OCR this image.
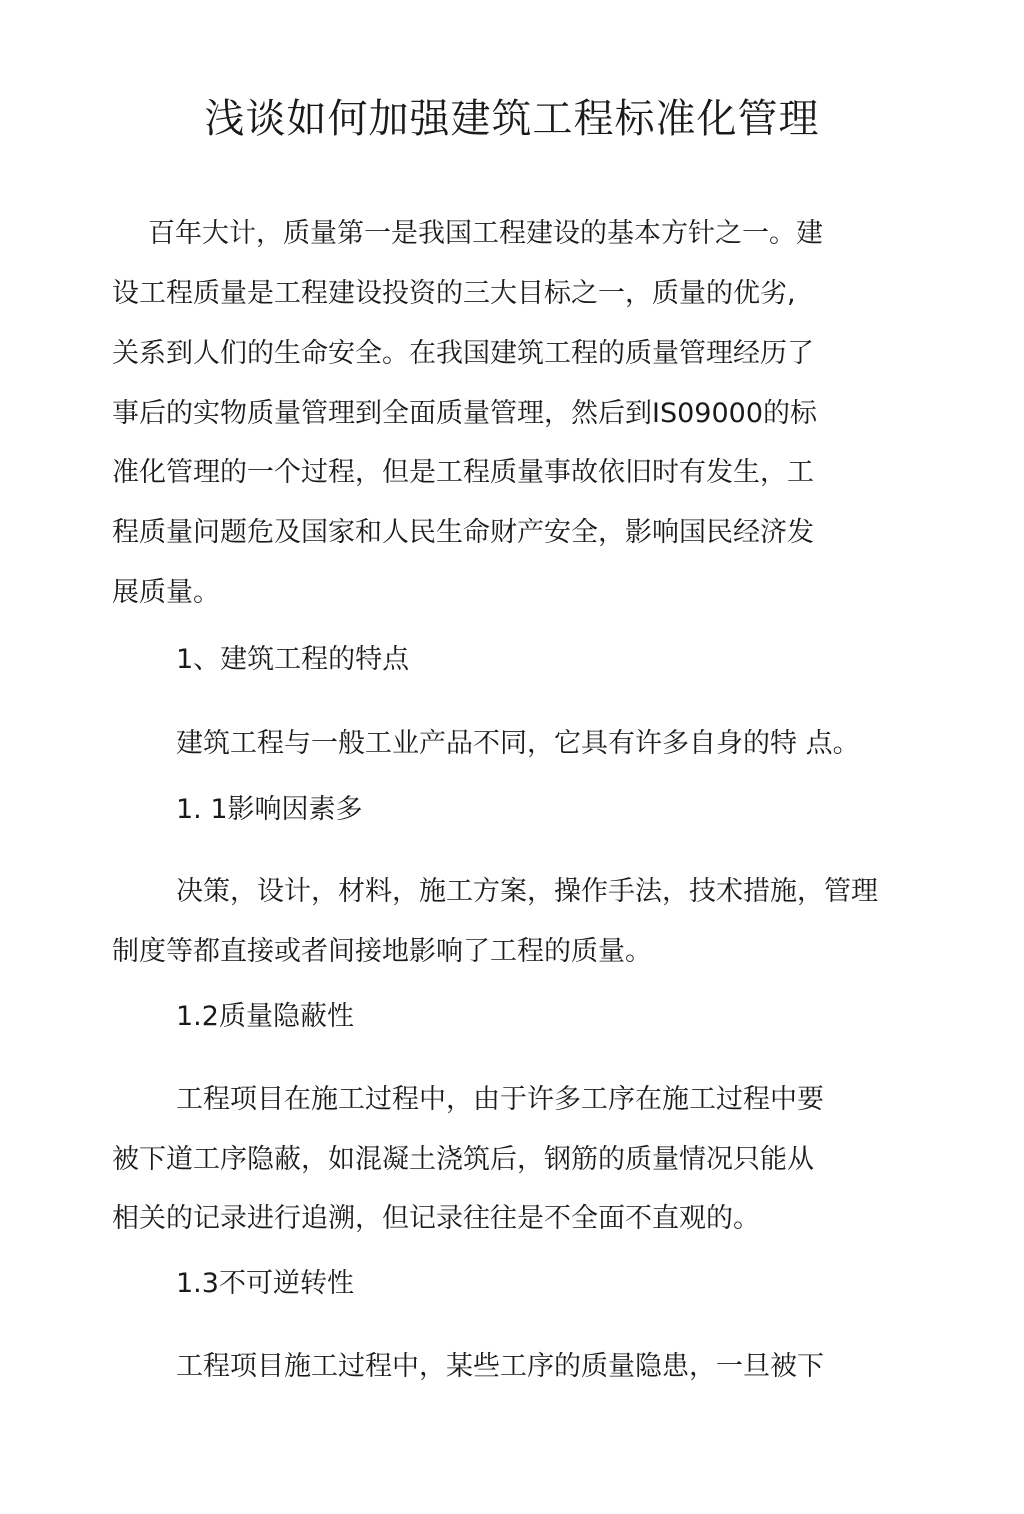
浅谈如何加强建筑工程标准化管理
百年大计，质量第一是我国工程建设的基本方针之一。建
设工程质量是工程建设投资的三大目标之一，质量的优劣,
关系到人们的生命安全。在我国建筑工程的质量管理经历了
事后的实物质量管理到全面质量管理，然后到IS09000的标
准化管理的一个过程，但是工程质量事故依旧时有发生，工
程质量问题危及国家和人民生命财产安全，影响国民经济发
展质量。
1、建筑工程的特点
建筑工程与一般工业产品不同，它具有许多自身的特 点。
1. 1影响因素多
决策，设计，材料，施工方案，操作手法，技术措施，管理
制度等都直接或者间接地影响了工程的质量。
1.2质量隐蔽性
工程项目在施工过程中，由于许多工序在施工过程中要
被下道工序隐蔽，如混凝土浇筑后，钢筋的质量情况只能从
相关的记录进行追溯，但记录往往是不全面不直观的。
1.3不可逆转性
工程项目施工过程中，某些工序的质量隐患，一旦被下
